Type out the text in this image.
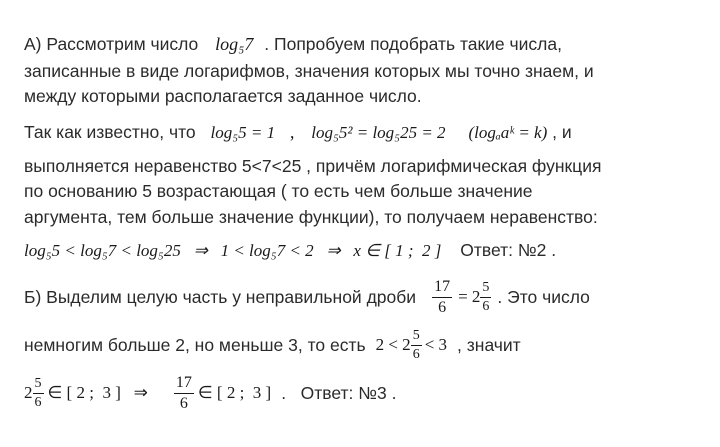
А) Рассмотрим число log₅7 . Попробуем подобрать такие числа,
записанные в виде логарифмов, значения которых мы точно знаем, и
между которыми располагается заданное число.
Так как известно, что log₅5 = 1 , log₅5² = log₅25 = 2 (logₐaᵏ = k) , и
выполняется неравенство 5<7<25 , причём логарифмическая функция
по основанию 5 возрастающая ( то есть чем больше значение
аргумента, тем больше значение функции), то получаем неравенство:
log₅5 < log₅7 < log₅25   ⇒   1 < log₅7 < 2   ⇒   x ∈ [ 1 ;  2 ] Ответ: №2 .
Б) Выделим целую часть у неправильной дроби $\frac{17}{6} = 2 \frac{5}{6}$ . Это число
немногим больше 2, но меньше 3, то есть $2 < 2 \frac{5}{6} < 3$ , значит
$2 \frac{5}{6}$ ∈ [ 2 ;  3 ]   ⇒ $\frac{17}{6}$ ∈ [ 2 ;  3 ] .   Ответ: №3 .
